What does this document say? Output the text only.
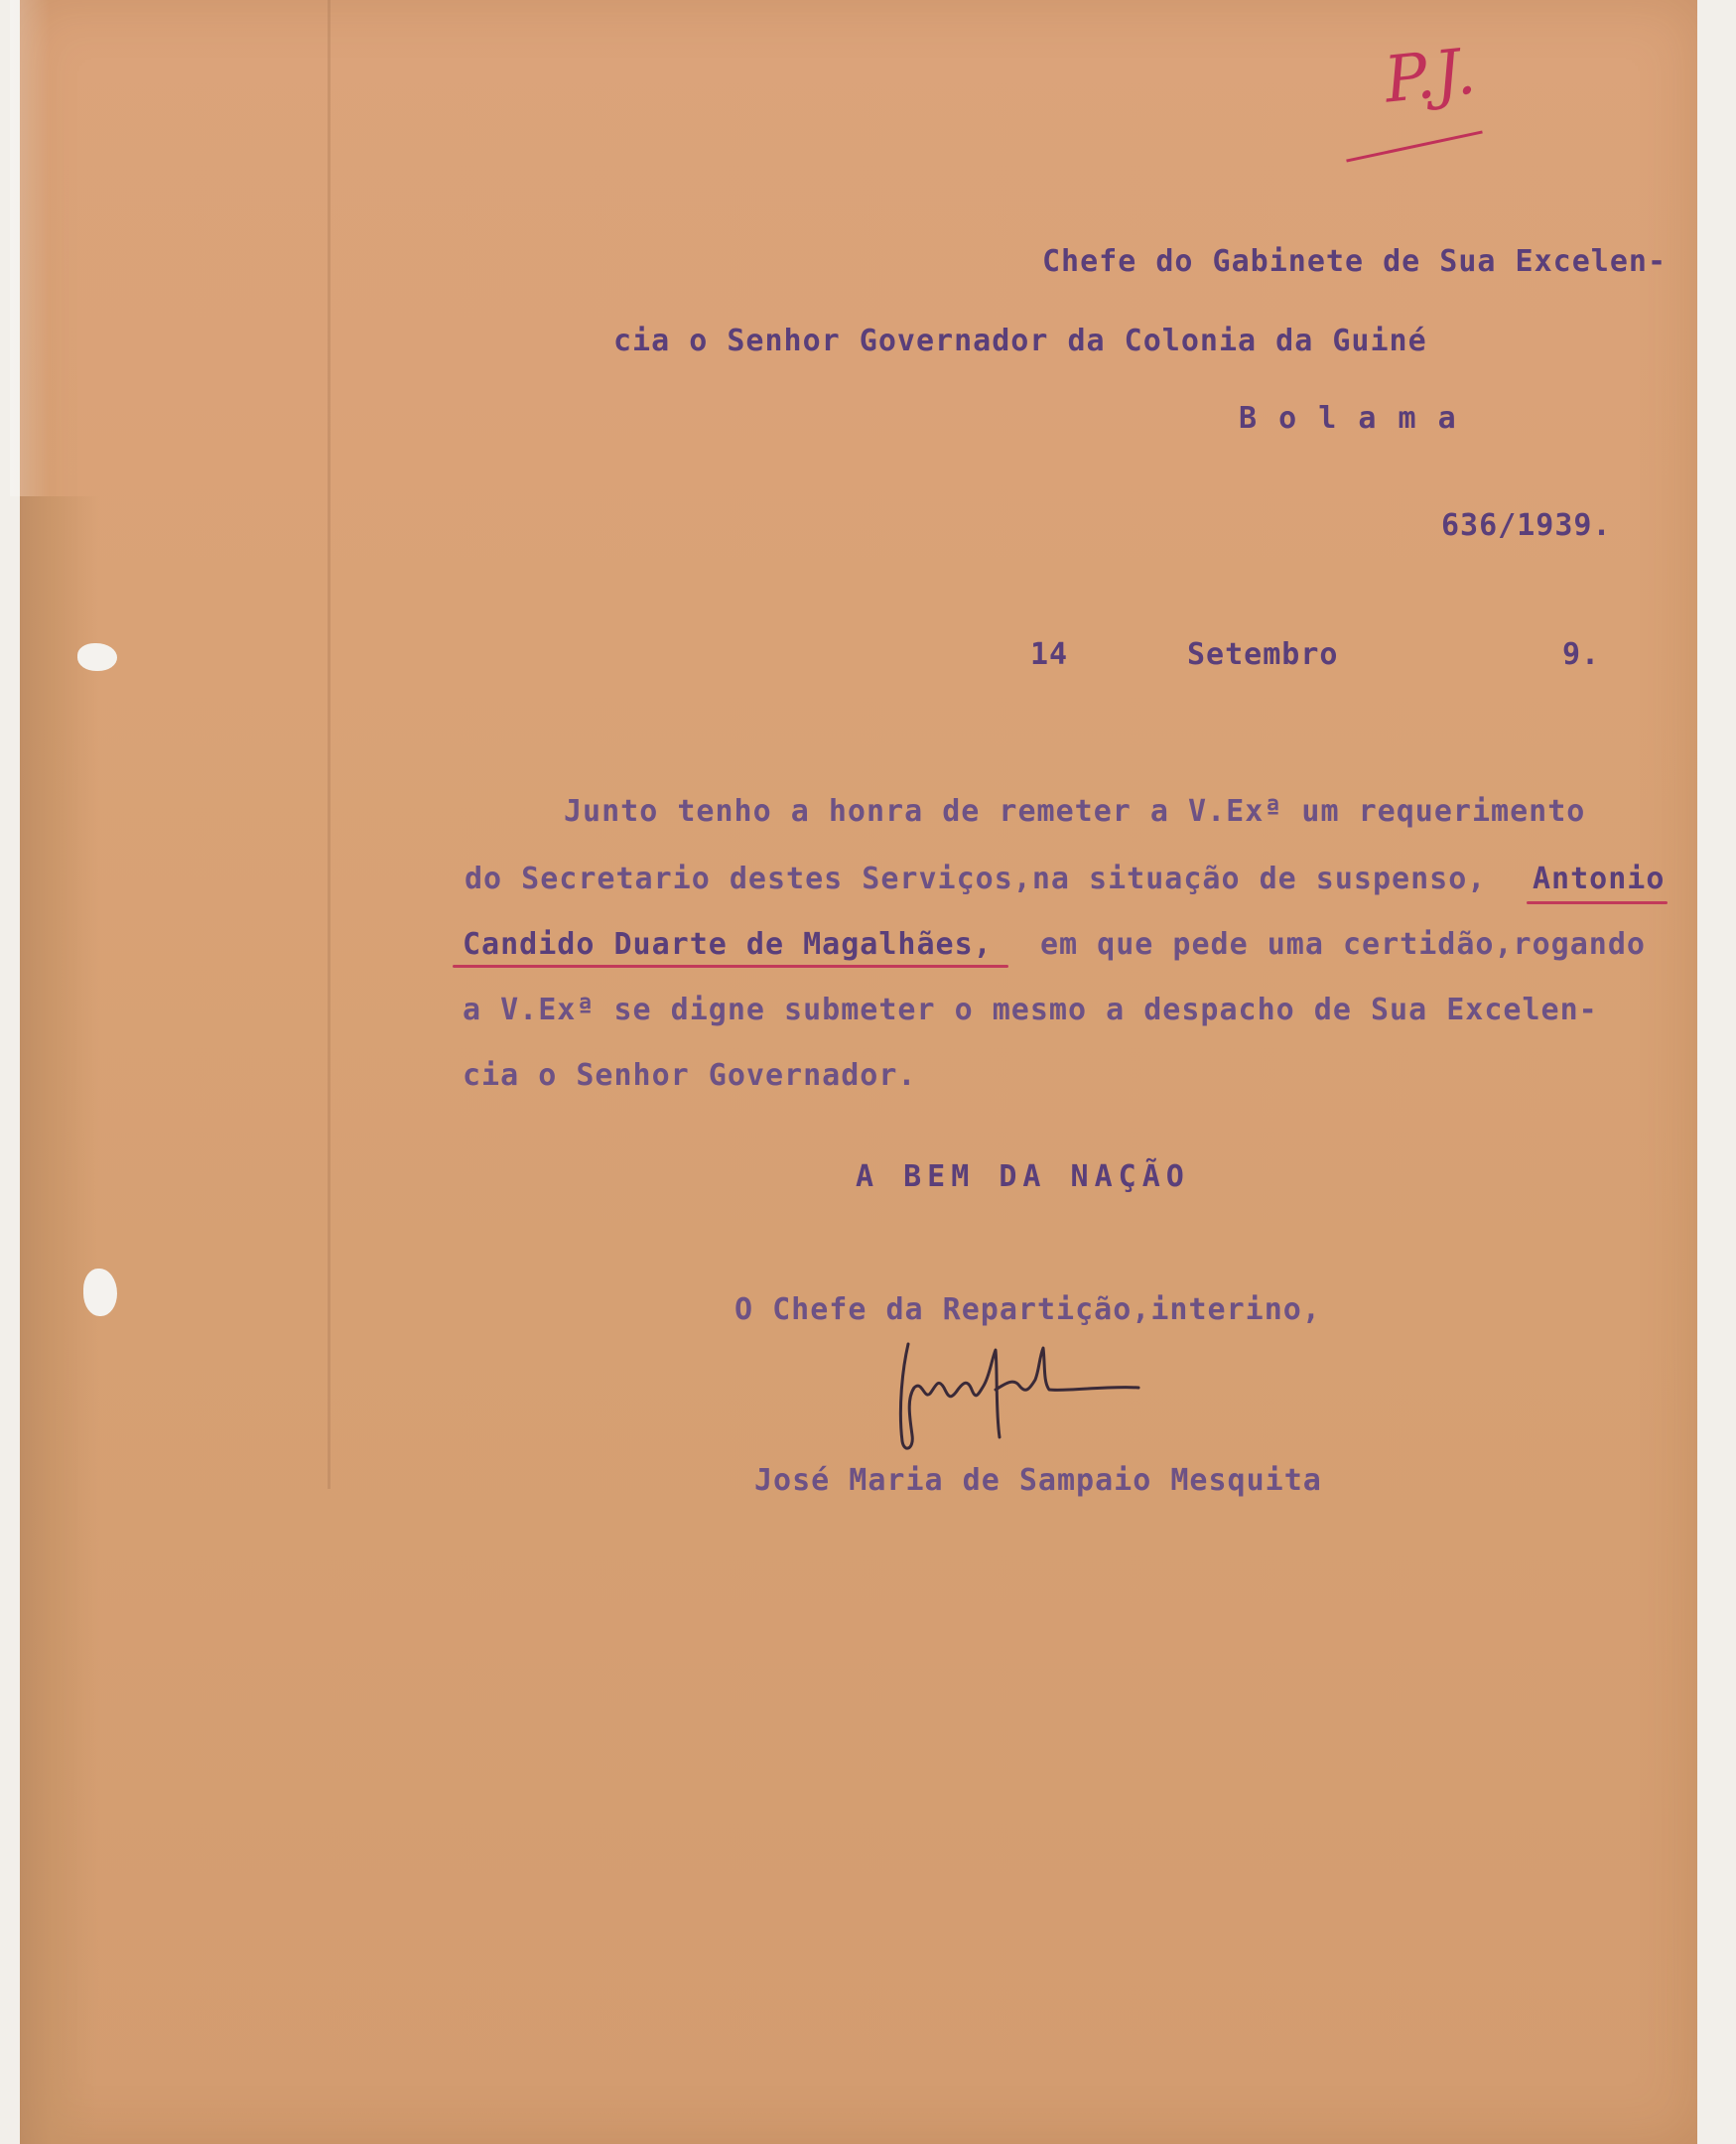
P.J.

Chefe do Gabinete de Sua Excelen-

cia o Senhor Governador da Colonia da Guiné

B o l a m a

636/1939.

14	Setembro	9.

Junto tenho a honra de remeter a V.Exª um requerimento

do Secretario destes Serviços,na situação de suspenso, Antonio

Candido Duarte de Magalhães, em que pede uma certidão,rogando

a V.Exª se digne submeter o mesmo a despacho de Sua Excelen-

cia o Senhor Governador.

A BEM DA NAÇÃO

O Chefe da Repartição,interino,

José Maria de Sampaio Mesquita
